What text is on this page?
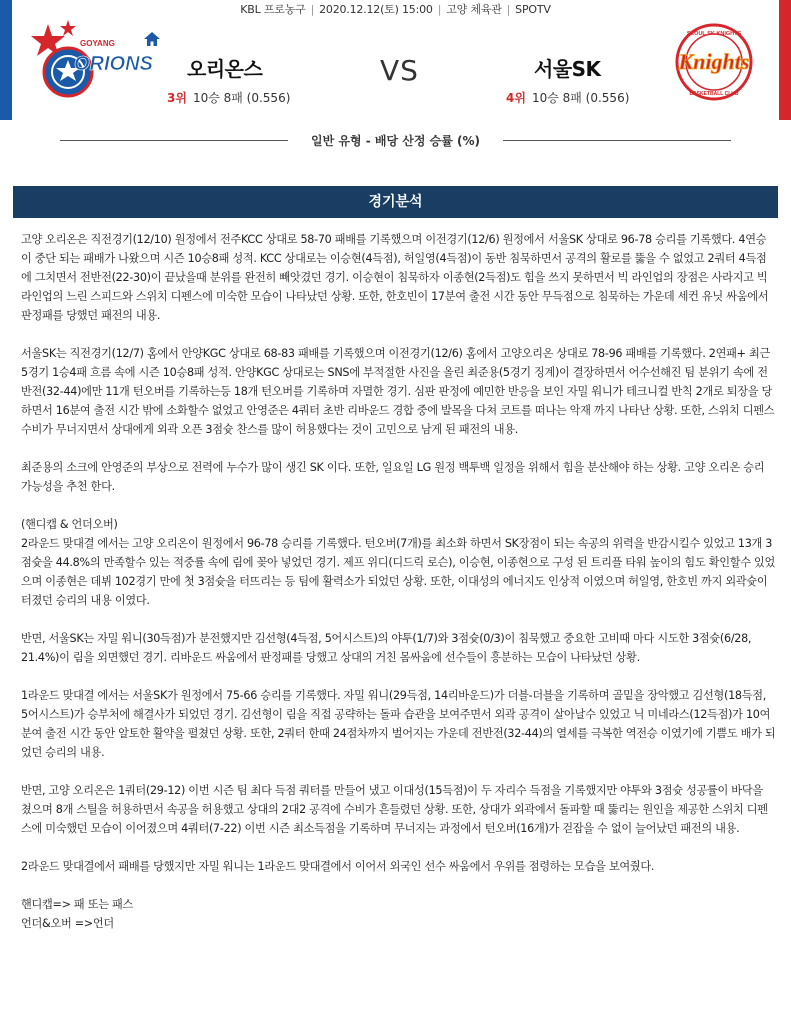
KBL 프로농구 | 2020.12.12(토) 15:00 | 고양 체육관 | SPOTV
GOYANG
ORIONS 오리온스	VS	서울SK
3위 10승 8패 (0.556)	4위 10승 8패 (0.556)
SEOUL SK KNIGHTS
Knights
BASKETBALL CLUB
일반 유형 - 배당 산정 승률 (%)
경기분석

고양 오리온은 직전경기(12/10) 원정에서 전주KCC 상대로 58-70 패배를 기록했으며 이전경기(12/6) 원정에서 서울SK 상대로 96-78 승리를 기록했다. 4연승이 중단 되는 패배가 나왔으며 시즌 10승8패 성적. KCC 상대로는 이승현(4득점), 허일영(4득점)이 동반 침묵하면서 공격의 활로를 뚫을 수 없었고 2쿼터 4득점에 그치면서 전반전(22-30)이 끝났을때 분위를 완전히 빼앗겼던 경기. 이승현이 침묵하자 이종현(2득점)도 힘을 쓰지 못하면서 빅 라인업의 장점은 사라지고 빅 라인업의 느린 스피드와 스위치 디펜스에 미숙한 모습이 나타났던 상황. 또한, 한호빈이 17분여 출전 시간 동안 무득점으로 침묵하는 가운데 세컨 유닛 싸움에서 판정패를 당했던 패전의 내용.

서울SK는 직전경기(12/7) 홈에서 안양KGC 상대로 68-83 패배를 기록했으며 이전경기(12/6) 홈에서 고양오리온 상대로 78-96 패배를 기록했다. 2연패+ 최근 5경기 1승4패 흐름 속에 시즌 10승8패 성적. 안양KGC 상대로는 SNS에 부적절한 사진을 올린 최준용(5경기 징계)이 결장하면서 어수선해진 팀 분위기 속에 전반전(32-44)에만 11개 턴오버를 기록하는등 18개 턴오버를 기록하며 자멸한 경기. 심판 판정에 예민한 반응을 보인 자밀 워니가 테크니컬 반칙 2개로 퇴장을 당하면서 16분여 출전 시간 밖에 소화할수 없었고 안영준은 4쿼터 초반 리바운드 경합 중에 발목을 다쳐 코트를 떠나는 악재 까지 나타난 상황. 또한, 스위치 디펜스 수비가 무너지면서 상대에게 외곽 오픈 3점슛 찬스를 많이 허용했다는 것이 고민으로 남게 된 패전의 내용.

최준용의 소크에 안영준의 부상으로 전력에 누수가 많이 생긴 SK 이다. 또한, 일요일 LG 원정 백투백 일정을 위해서 힘을 분산해야 하는 상황. 고양 오리온 승리 가능성을 추천 한다.

(핸디캡 & 언더오버)

2라운드 맞대결 에서는 고양 오리온이 원정에서 96-78 승리를 기록했다. 턴오버(7개)를 최소화 하면서 SK장점이 되는 속공의 위력을 반감시킬수 있었고 13개 3점슛을 44.8%의 만족할수 있는 적중률 속에 림에 꽂아 넣었던 경기. 제프 위디(디드릭 로슨), 이승현, 이종현으로 구성 된 트리플 타워 높이의 힘도 확인할수 있었으며 이종현은 데뷔 102경기 만에 첫 3점슛을 터뜨리는 등 팀에 활력소가 되었던 상황. 또한, 이대성의 에너지도 인상적 이였으며 허일영, 한호빈 까지 외곽슛이 터졌던 승리의 내용 이였다.

반면, 서울SK는 자밀 워니(30득점)가 분전했지만 김선형(4득점, 5어시스트)의 야투(1/7)와 3점슛(0/3)이 침묵했고 중요한 고비때 마다 시도한 3점슛(6/28, 21.4%)이 림을 외면했던 경기. 리바운드 싸움에서 판정패를 당했고 상대의 거친 몸싸움에 선수들이 흥분하는 모습이 나타났던 상황.

1라운드 맞대결 에서는 서울SK가 원정에서 75-66 승리를 기록했다. 자밀 워니(29득점, 14리바운드)가 더블-더블을 기록하며 골밑을 장악했고 김선형(18득점, 5어시스트)가 승부처에 해결사가 되었던 경기. 김선형이 림을 직접 공략하는 돌파 습관을 보여주면서 외곽 공격이 살아날수 있었고 닉 미네라스(12득점)가 10여분여 출전 시간 동안 알토한 활약을 펼쳤던 상황. 또한, 2쿼터 한때 24점차까지 벌어지는 가운데 전반전(32-44)의 열세를 극복한 역전승 이였기에 기쁨도 배가 되었던 승리의 내용.

반면, 고양 오리온은 1쿼터(29-12) 이번 시즌 팀 최다 득점 쿼터를 만들어 냈고 이대성(15득점)이 두 자리수 득점을 기록했지만 야투와 3점슛 성공률이 바닥을 쳤으며 8개 스틸을 허용하면서 속공을 허용했고 상대의 2대2 공격에 수비가 흔들렸던 상황. 또한, 상대가 외곽에서 돌파할 때 뚫리는 원인을 제공한 스위치 디펜스에 미숙했던 모습이 이어졌으며 4쿼터(7-22) 이번 시즌 최소득점을 기록하며 무너지는 과정에서 턴오버(16개)가 걷잡을 수 없이 늘어났던 패전의 내용.

2라운드 맞대결에서 패배를 당했지만 자밀 워니는 1라운드 맞대결에서 이어서 외국인 선수 싸움에서 우위를 점령하는 모습을 보여줬다.

핸디캡=> 패 또는 패스

언더&오버 =>언더
